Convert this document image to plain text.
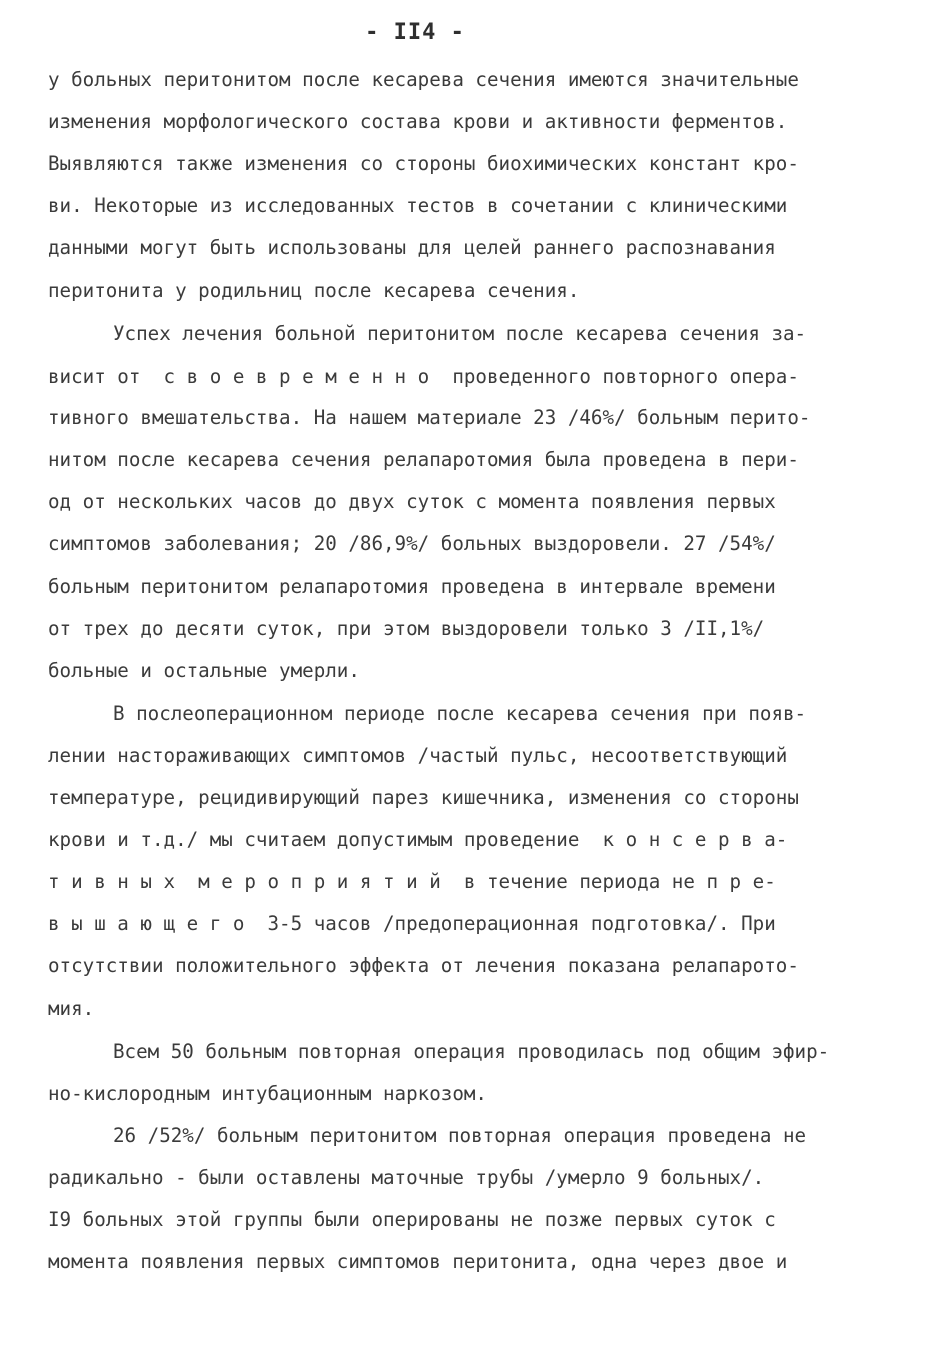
- II4 -
у больных перитонитом после кесарева сечения имеются значительные
изменения морфологического состава крови и активности ферментов.
Выявляются также изменения со стороны биохимических констант кро-
ви. Некоторые из исследованных тестов в сочетании с клиническими
данными могут быть использованы для целей раннего распознавания
перитонита у родильниц после кесарева сечения.
Успех лечения больной перитонитом после кесарева сечения за-
висит от  с в о е в р е м е н н о  проведенного повторного опера-
тивного вмешательства. На нашем материале 23 /46%/ больным перито-
нитом после кесарева сечения релапаротомия была проведена в пери-
од от нескольких часов до двух суток с момента появления первых
симптомов заболевания; 20 /86,9%/ больных выздоровели. 27 /54%/
больным перитонитом релапаротомия проведена в интервале времени
от трех до десяти суток, при этом выздоровели только 3 /II,1%/
больные и остальные умерли.
В послеоперационном периоде после кесарева сечения при появ-
лении настораживающих симптомов /частый пульс, несоответствующий
температуре, рецидивирующий парез кишечника, изменения со стороны
крови и т.д./ мы считаем допустимым проведение  к о н с е р в а-
т и в н ы х  м е р о п р и я т и й  в течение периода не п р е-
в ы ш а ю щ е г о  3-5 часов /предоперационная подготовка/. При
отсутствии положительного эффекта от лечения показана релапарото-
мия.
Всем 50 больным повторная операция проводилась под общим эфир-
но-кислородным интубационным наркозом.
26 /52%/ больным перитонитом повторная операция проведена не
радикально - были оставлены маточные трубы /умерло 9 больных/.
I9 больных этой группы были оперированы не позже первых суток с
момента появления первых симптомов перитонита, одна через двое и
